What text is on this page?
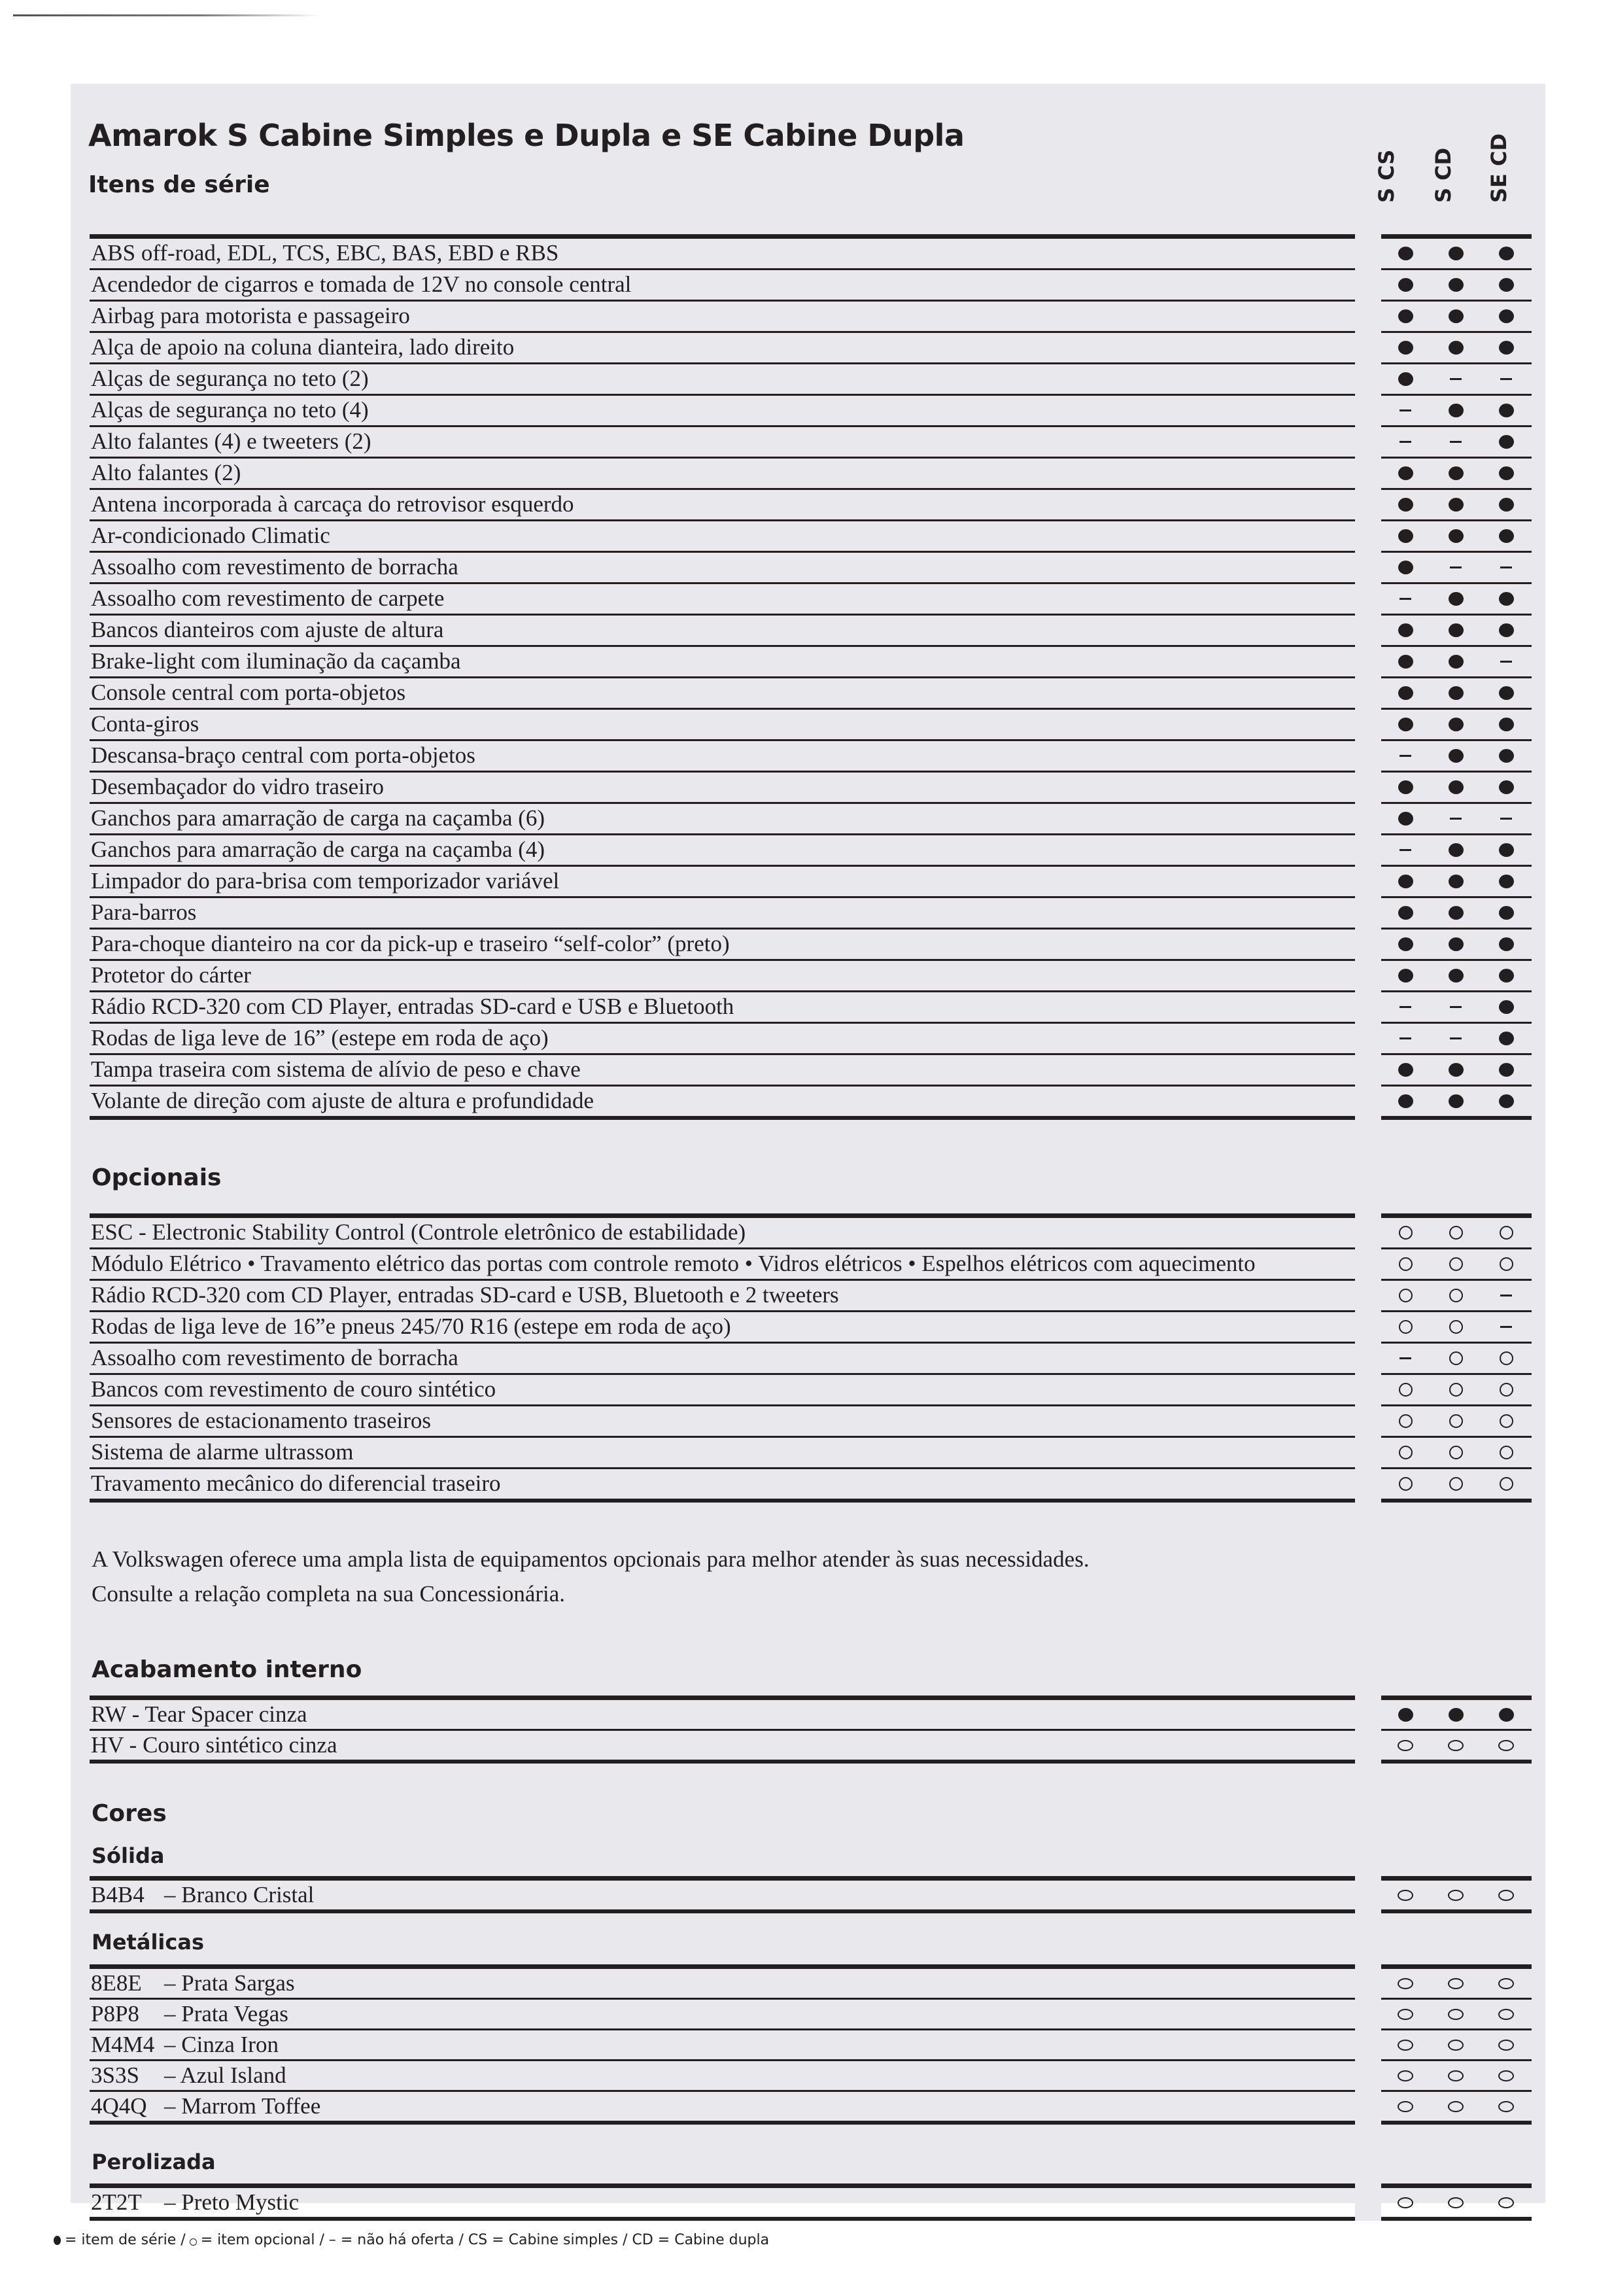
Amarok S Cabine Simples e Dupla e SE Cabine Dupla
Itens de série	S CS S CD SE CD
ABS off-road, EDL, TCS, EBC, BAS, EBD e RBS
Acendedor de cigarros e tomada de 12V no console central
Airbag para motorista e passageiro
Alça de apoio na coluna dianteira, lado direito
Alças de segurança no teto (2)
Alças de segurança no teto (4)
Alto falantes (4) e tweeters (2)
Alto falantes (2)
Antena incorporada à carcaça do retrovisor esquerdo
Ar-condicionado Climatic
Assoalho com revestimento de borracha
Assoalho com revestimento de carpete
Bancos dianteiros com ajuste de altura
Brake-light com iluminação da caçamba
Console central com porta-objetos
Conta-giros
Descansa-braço central com porta-objetos
Desembaçador do vidro traseiro
Ganchos para amarração de carga na caçamba (6)
Ganchos para amarração de carga na caçamba (4)
Limpador do para-brisa com temporizador variável
Para-barros
Para-choque dianteiro na cor da pick-up e traseiro “self-color” (preto)
Protetor do cárter
Rádio RCD-320 com CD Player, entradas SD-card e USB e Bluetooth
Rodas de liga leve de 16” (estepe em roda de aço)
Tampa traseira com sistema de alívio de peso e chave
Volante de direção com ajuste de altura e profundidade
Opcionais
ESC - Electronic Stability Control (Controle eletrônico de estabilidade)
Módulo Elétrico • Travamento elétrico das portas com controle remoto • Vidros elétricos • Espelhos elétricos com aquecimento
Rádio RCD-320 com CD Player, entradas SD-card e USB, Bluetooth e 2 tweeters
Rodas de liga leve de 16”e pneus 245/70 R16 (estepe em roda de aço)
Assoalho com revestimento de borracha
Bancos com revestimento de couro sintético
Sensores de estacionamento traseiros
Sistema de alarme ultrassom
Travamento mecânico do diferencial traseiro
A Volkswagen oferece uma ampla lista de equipamentos opcionais para melhor atender às suas necessidades.
Consulte a relação completa na sua Concessionária.
Acabamento interno
RW - Tear Spacer cinza
HV - Couro sintético cinza
Cores
Sólida
B4B4 – Branco Cristal
Metálicas
8E8E – Prata Sargas
P8P8 – Prata Vegas
M4M4 – Cinza Iron
3S3S – Azul Island
4Q4Q – Marrom Toffee
Perolizada
2T2T – Preto Mystic
= item de série / = item opcional / – = não há oferta / CS = Cabine simples / CD = Cabine dupla
